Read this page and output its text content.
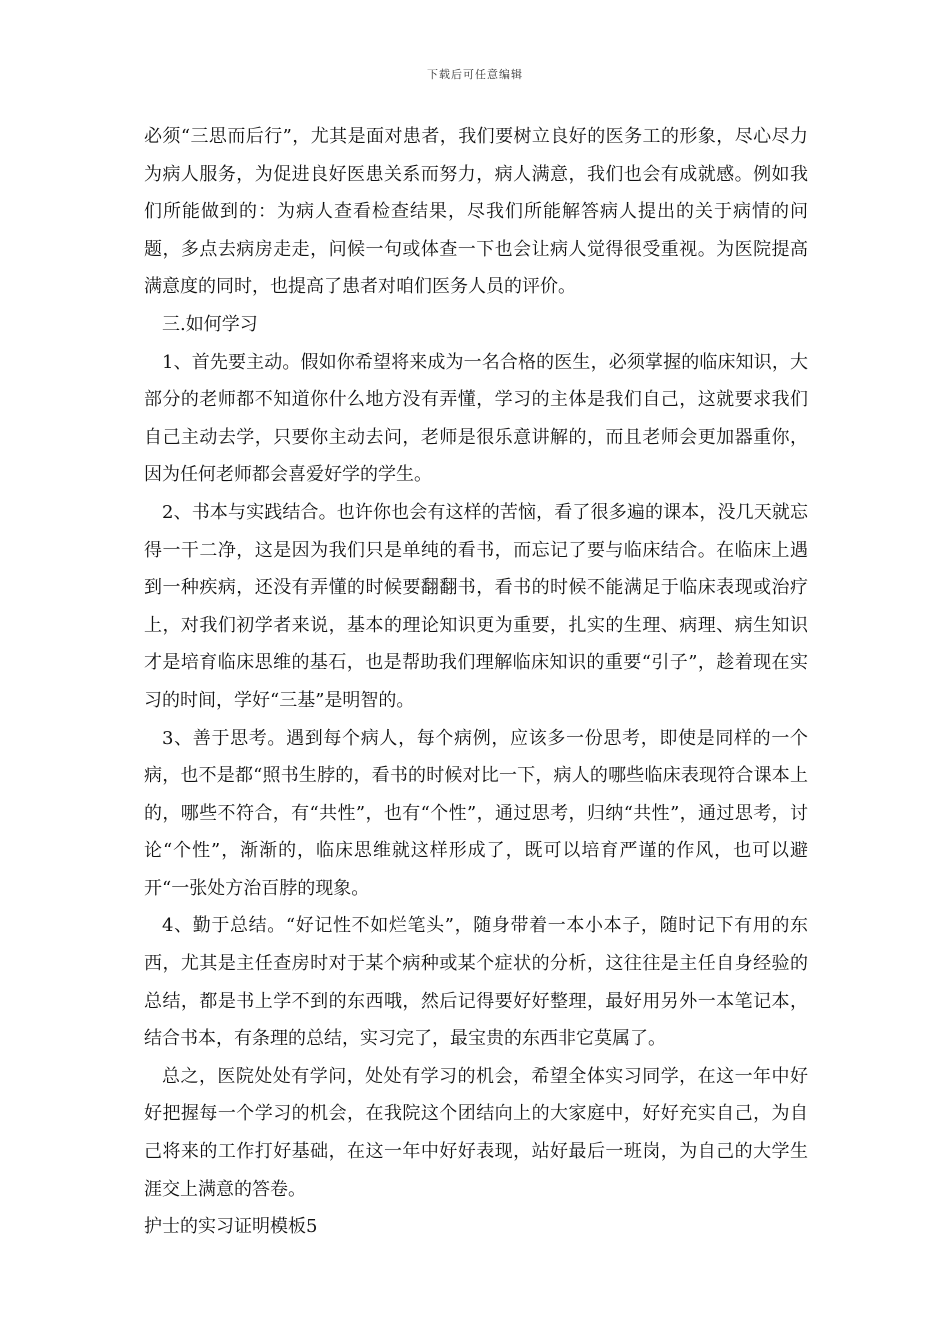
下载后可任意编辑

必须“三思而后行”，尤其是面对患者，我们要树立良好的医务工的形象，尽心尽力为病人服务，为促进良好医患关系而努力，病人满意，我们也会有成就感。例如我们所能做到的：为病人查看检查结果，尽我们所能解答病人提出的关于病情的问题，多点去病房走走，问候一句或体查一下也会让病人觉得很受重视。为医院提高满意度的同时，也提高了患者对咱们医务人员的评价。

三.如何学习

1、首先要主动。假如你希望将来成为一名合格的医生，必须掌握的临床知识，大部分的老师都不知道你什么地方没有弄懂，学习的主体是我们自己，这就要求我们自己主动去学，只要你主动去问，老师是很乐意讲解的，而且老师会更加器重你，因为任何老师都会喜爱好学的学生。

2、书本与实践结合。也许你也会有这样的苦恼，看了很多遍的课本，没几天就忘得一干二净，这是因为我们只是单纯的看书，而忘记了要与临床结合。在临床上遇到一种疾病，还没有弄懂的时候要翻翻书，看书的时候不能满足于临床表现或治疗上，对我们初学者来说，基本的理论知识更为重要，扎实的生理、病理、病生知识才是培育临床思维的基石，也是帮助我们理解临床知识的重要“引子”，趁着现在实习的时间，学好“三基”是明智的。

3、善于思考。遇到每个病人，每个病例，应该多一份思考，即使是同样的一个病，也不是都“照书生脖的，看书的时候对比一下，病人的哪些临床表现符合课本上的，哪些不符合，有“共性”，也有“个性”，通过思考，归纳“共性”，通过思考，讨论“个性”，渐渐的，临床思维就这样形成了，既可以培育严谨的作风，也可以避开“一张处方治百脖的现象。

4、勤于总结。“好记性不如烂笔头”，随身带着一本小本子，随时记下有用的东西，尤其是主任查房时对于某个病种或某个症状的分析，这往往是主任自身经验的总结，都是书上学不到的东西哦，然后记得要好好整理，最好用另外一本笔记本，结合书本，有条理的总结，实习完了，最宝贵的东西非它莫属了。

总之，医院处处有学问，处处有学习的机会，希望全体实习同学，在这一年中好好把握每一个学习的机会，在我院这个团结向上的大家庭中，好好充实自己，为自己将来的工作打好基础，在这一年中好好表现，站好最后一班岗，为自己的大学生涯交上满意的答卷。

护士的实习证明模板5
